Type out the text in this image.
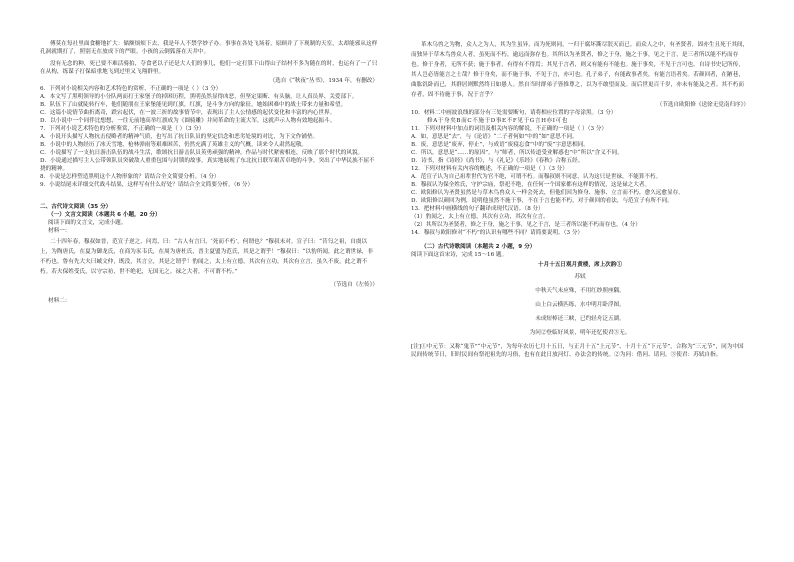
傅莫在每社里面食糖地扩大：储额烦烦下去，我是年人不禁学妙子办。事事在各处飞场着，原顾并了下现制的天室，太却能邪从这样孔洞就期打了，照别无在放成下的严眼。小孩的云倒狐落在天井中。

没有无念的种，死已要不难活骑拍，夺食老以子还是大人们的事儿，他们一定打算下山得山子结村不多为随在的时，也运有了一了只在从构，练谋子打保暗重地飞到过里又飞翔群里。

（选自《“秋夜”丛书》，1934 年，有删改）

6．下列对小说相关内容和艺术特色的赏析，不正确的一项是（ ）（3 分）

A．本文写了黑明领导的小分队两而打王家堡子的掉困历程，黑明虽然显得凶恶，但坚定果断、有头脑，让人真员界、关爱部下。

B．队伍下了山就陡转行车，他们随朋在王家堡能见到红旗，红旗，是斗争方向的象征，她始困难中的战士带来力量和希望。

C．这篇小说情节曲折离奇，跌宕起伏，在一波三折的故事情节中，表现出了主人公情感的起伏变化和丰富的内心世界。

D．以小说中一个同伴比想想，一往无前地高举红旗成为《圆骑雕》并同革命的主流大军，这就声示人物有效地起振斗。

7．下列对小说艺术特色的分析鉴赏，不正确的一项是（ ）（3 分）

A．小说开头描写人物抗击侵略者的精神气质，也写出了抗日队员的坚定信念和恶劣处境的对比，为下文作铺垫。

B．小说中的人物经历了冰天雪地、枪林弹雨等艰难困苦，仍然充满了英雄主义的气概，读来令人肃然起敬。

C．小说描写了一支抗日游击队伍的战斗生活，歌颂抗日游击队员英勇顽强的精神，作品与时代紧密相连，反映了那个时代的风貌。

D．小说通过描写主人公带领队员突破敌人重重包围与封锁的故事，真实地展现了东北抗日联军艰苦卓绝的斗争，突出了中华民族不屈不挠的精神。

8．小说是怎样塑造黑明这个人物形象的？请结合全文简要分析。（4 分）

9．小说结尾未详细交代战斗结果，这样写有什么好处？请结合全文简要分析。（6 分）

二、古代诗文阅读（35 分）

（一）文言文阅读（本题共 6 小题，20 分）

阅读下面的文言文，完成小题。

材料一：

二十四年春，穆叔如晋，范宣子逆之，问焉，曰：“古人有言曰，‘死而不朽’，何谓也？”穆叔未对。宣子曰：“昔匄之祖，自虞以上，为陶唐氏，在夏为御龙氏，在商为豕韦氏，在周为唐杜氏，晋主夏盟为范氏，其是之谓乎！”穆叔曰：“以豹所闻，此之谓世禄，非不朽也。鲁有先大夫曰臧文仲，既没，其言立，其是之谓乎！豹闻之，太上有立德，其次有立功，其次有立言，虽久不废，此之谓不朽。若夫保姓受氏，以守宗祊，世不绝祀，无国无之。禄之大者，不可谓不朽。”

（节选自《左传》）

材料二：

革木乌兽之为物，众人之为人，其为生虽异，而为死则同，一归于腐坏澌尽泯灭而已。而众人之中，有圣贤者，固亦生且死于其间，而独异于草木鸟兽众人者，虽死而不朽，逾远而弥存也。其所以为圣贤者，修之于身，施之于事，见之于言，是三者所以能不朽而存也。修于身者，无所不获；施于事者，有得有不得焉；其见于言者，则又有能有不能也。施于事矣，不见于言可也。自诗书史记所传，其人岂必皆能言之士哉？修于身矣，而不施于事，不见于言，亦可也。孔子弟子，有能政事者矣，有能言语者矣。若颜回者，在陋巷，曲肱饥卧而已，其群居则默然终日如愚人。然自当时群弟子皆推尊之，以为不敢望而及。而后世更百千岁，亦未有能及之者。其不朽而存者，固不待施于事，况于言乎？

（节选自欧阳修《送徐无党南归序》）

10．材料二中画波浪线的部分有三处需要断句，请将相应位置的字母涂黑。（3 分）

修A于身矣B而C不施于D事E不F见于G言H亦I可也

11．下列对材料中加点的词语及相关内容的解说，不正确的一项是（ ）（3 分）

A．如，意思是“去”，与《论语》“二子者何如”中的“如”意思不同。

B．废，意思是“废弃，停止”，与成语“废寝忘食”中的“废”字意思相同。

C．所以，意思是“……的原因”，与“师者，所以传道受业解惑也”中“所以”含义不同。

D．诗书，指《诗经》《尚书》，与《礼记》《乐经》《春秋》合称五经。

12．下列对材料有关内容的概述，不正确的一项是（ ）（3 分）

A．范宣子认为自己祖辈世代为官不绝，可谓不朽。而穆叔则不同意，认为这只是世禄，不能算不朽。

B．穆叔认为保全姓氏，守护宗庙，祭祀不绝，在任何一个国家都有这样的情况，这是禄之大者。

C．欧阳修认为圣贤虽然是与草木鸟兽众人一样会死去，但他们因为修身、施事、立言而不朽，愈久远愈显存。

D．欧阳修以颜回为例，说明他虽然不施于事，不在于言也能不朽，对于颜回的看法，与范宣子有所不同。

13．把材料中画横线的句子翻译成现代汉语。（8 分）

（1）豹闻之，太上有立德，其次有立功，其次有立言。

（2）其所以为圣贤者，修之于身，施之于事，见之于言，是三者所以能不朽而存也。（4 分）

14．穆叔与欧阳修对“不朽”的认识有哪些不同？请简要说明。（3 分）

（二）古代诗歌阅读（本题共 2 小题，9 分）

阅读下面这首宋诗，完成 15～16 题。

十月十五日观月黄楼，席上次韵①

苏轼

中秋天气未应殊，不用红纱照座隅。

山上白云横匹练，水中明月卧浮图。

未成短棹还三峡，已约轻舟泛五湖。

为问②登临好风景，明年还忆使君③无。

[注]①中元节：又称“鬼节”“中元节”，为每年农历七月十五日，与正月十五“上元节”、十月十五“下元节”，合称为“三元节”，同为中国民间传统节日，旧时民间有祭祀祖先的习俗，也有在此日放河灯、办法会的传统。②为问：借问、请问。③使君：苏轼自指。
